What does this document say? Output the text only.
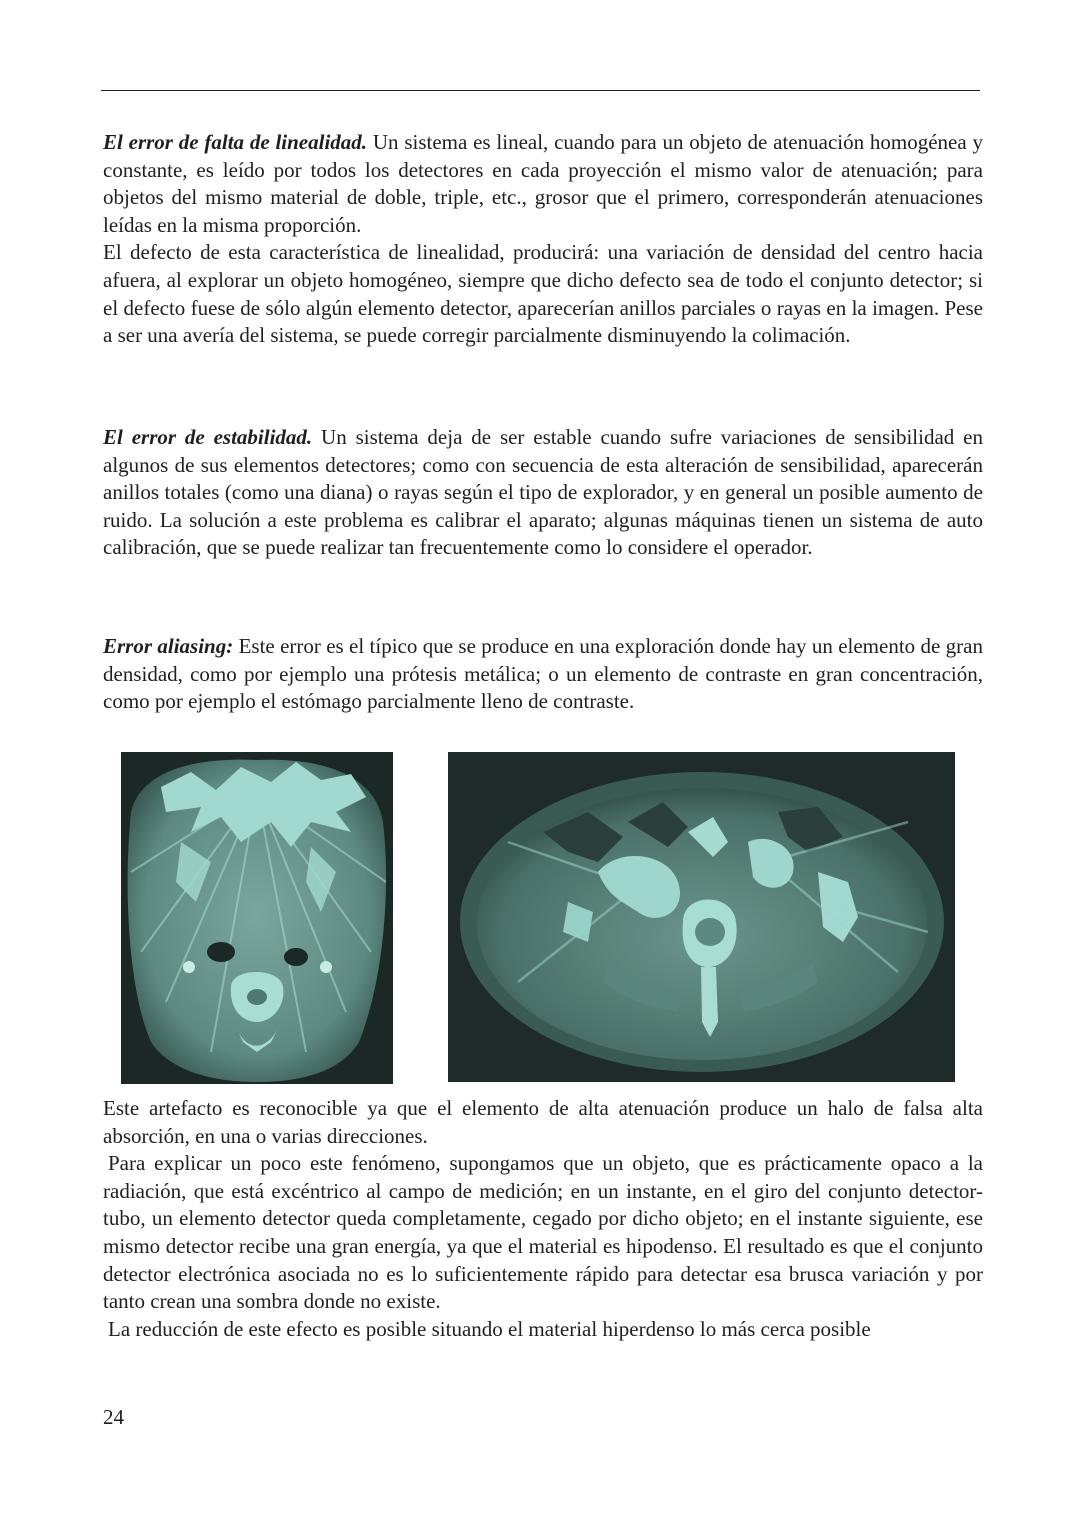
El error de falta de linealidad. Un sistema es lineal, cuando para un objeto de atenuación homogénea y constante, es leído por todos los detectores en cada proyección el mismo valor de atenuación; para objetos del mismo material de doble, triple, etc., grosor que el primero, corresponderán atenuaciones leídas en la misma proporción.

El defecto de esta característica de linealidad, producirá: una variación de densidad del centro hacia afuera, al explorar un objeto homogéneo, siempre que dicho defecto sea de todo el conjunto detector; si el defecto fuese de sólo algún elemento detector, aparecerían anillos parciales o rayas en la imagen. Pese a ser una avería del sistema, se puede corregir parcialmente disminuyendo la colimación.

El error de estabilidad. Un sistema deja de ser estable cuando sufre variaciones de sensibilidad en algunos de sus elementos detectores; como con secuencia de esta alteración de sensibilidad, aparecerán anillos totales (como una diana) o rayas según el tipo de explorador, y en general un posible aumento de ruido. La solución a este problema es calibrar el aparato; algunas máquinas tienen un sistema de auto calibración, que se puede realizar tan frecuentemente como lo considere el operador.

Error aliasing: Este error es el típico que se produce en una exploración donde hay un elemento de gran densidad, como por ejemplo una prótesis metálica; o un elemento de contraste en gran concentración, como por ejemplo el estómago parcialmente lleno de contraste.

Este artefacto es reconocible ya que el elemento de alta atenuación produce un halo de falsa alta absorción, en una o varias direcciones.

Para explicar un poco este fenómeno, supongamos que un objeto, que es prácticamente opaco a la radiación, que está excéntrico al campo de medición; en un instante, en el giro del conjunto detector-tubo, un elemento detector queda completamente, cegado por dicho objeto; en el instante siguiente, ese mismo detector recibe una gran energía, ya que el material es hipodenso. El resultado es que el conjunto detector electrónica asociada no es lo suficientemente rápido para detectar esa brusca variación y por tanto crean una sombra donde no existe.

La reducción de este efecto es posible situando el material hiperdenso lo más cerca posible

24
